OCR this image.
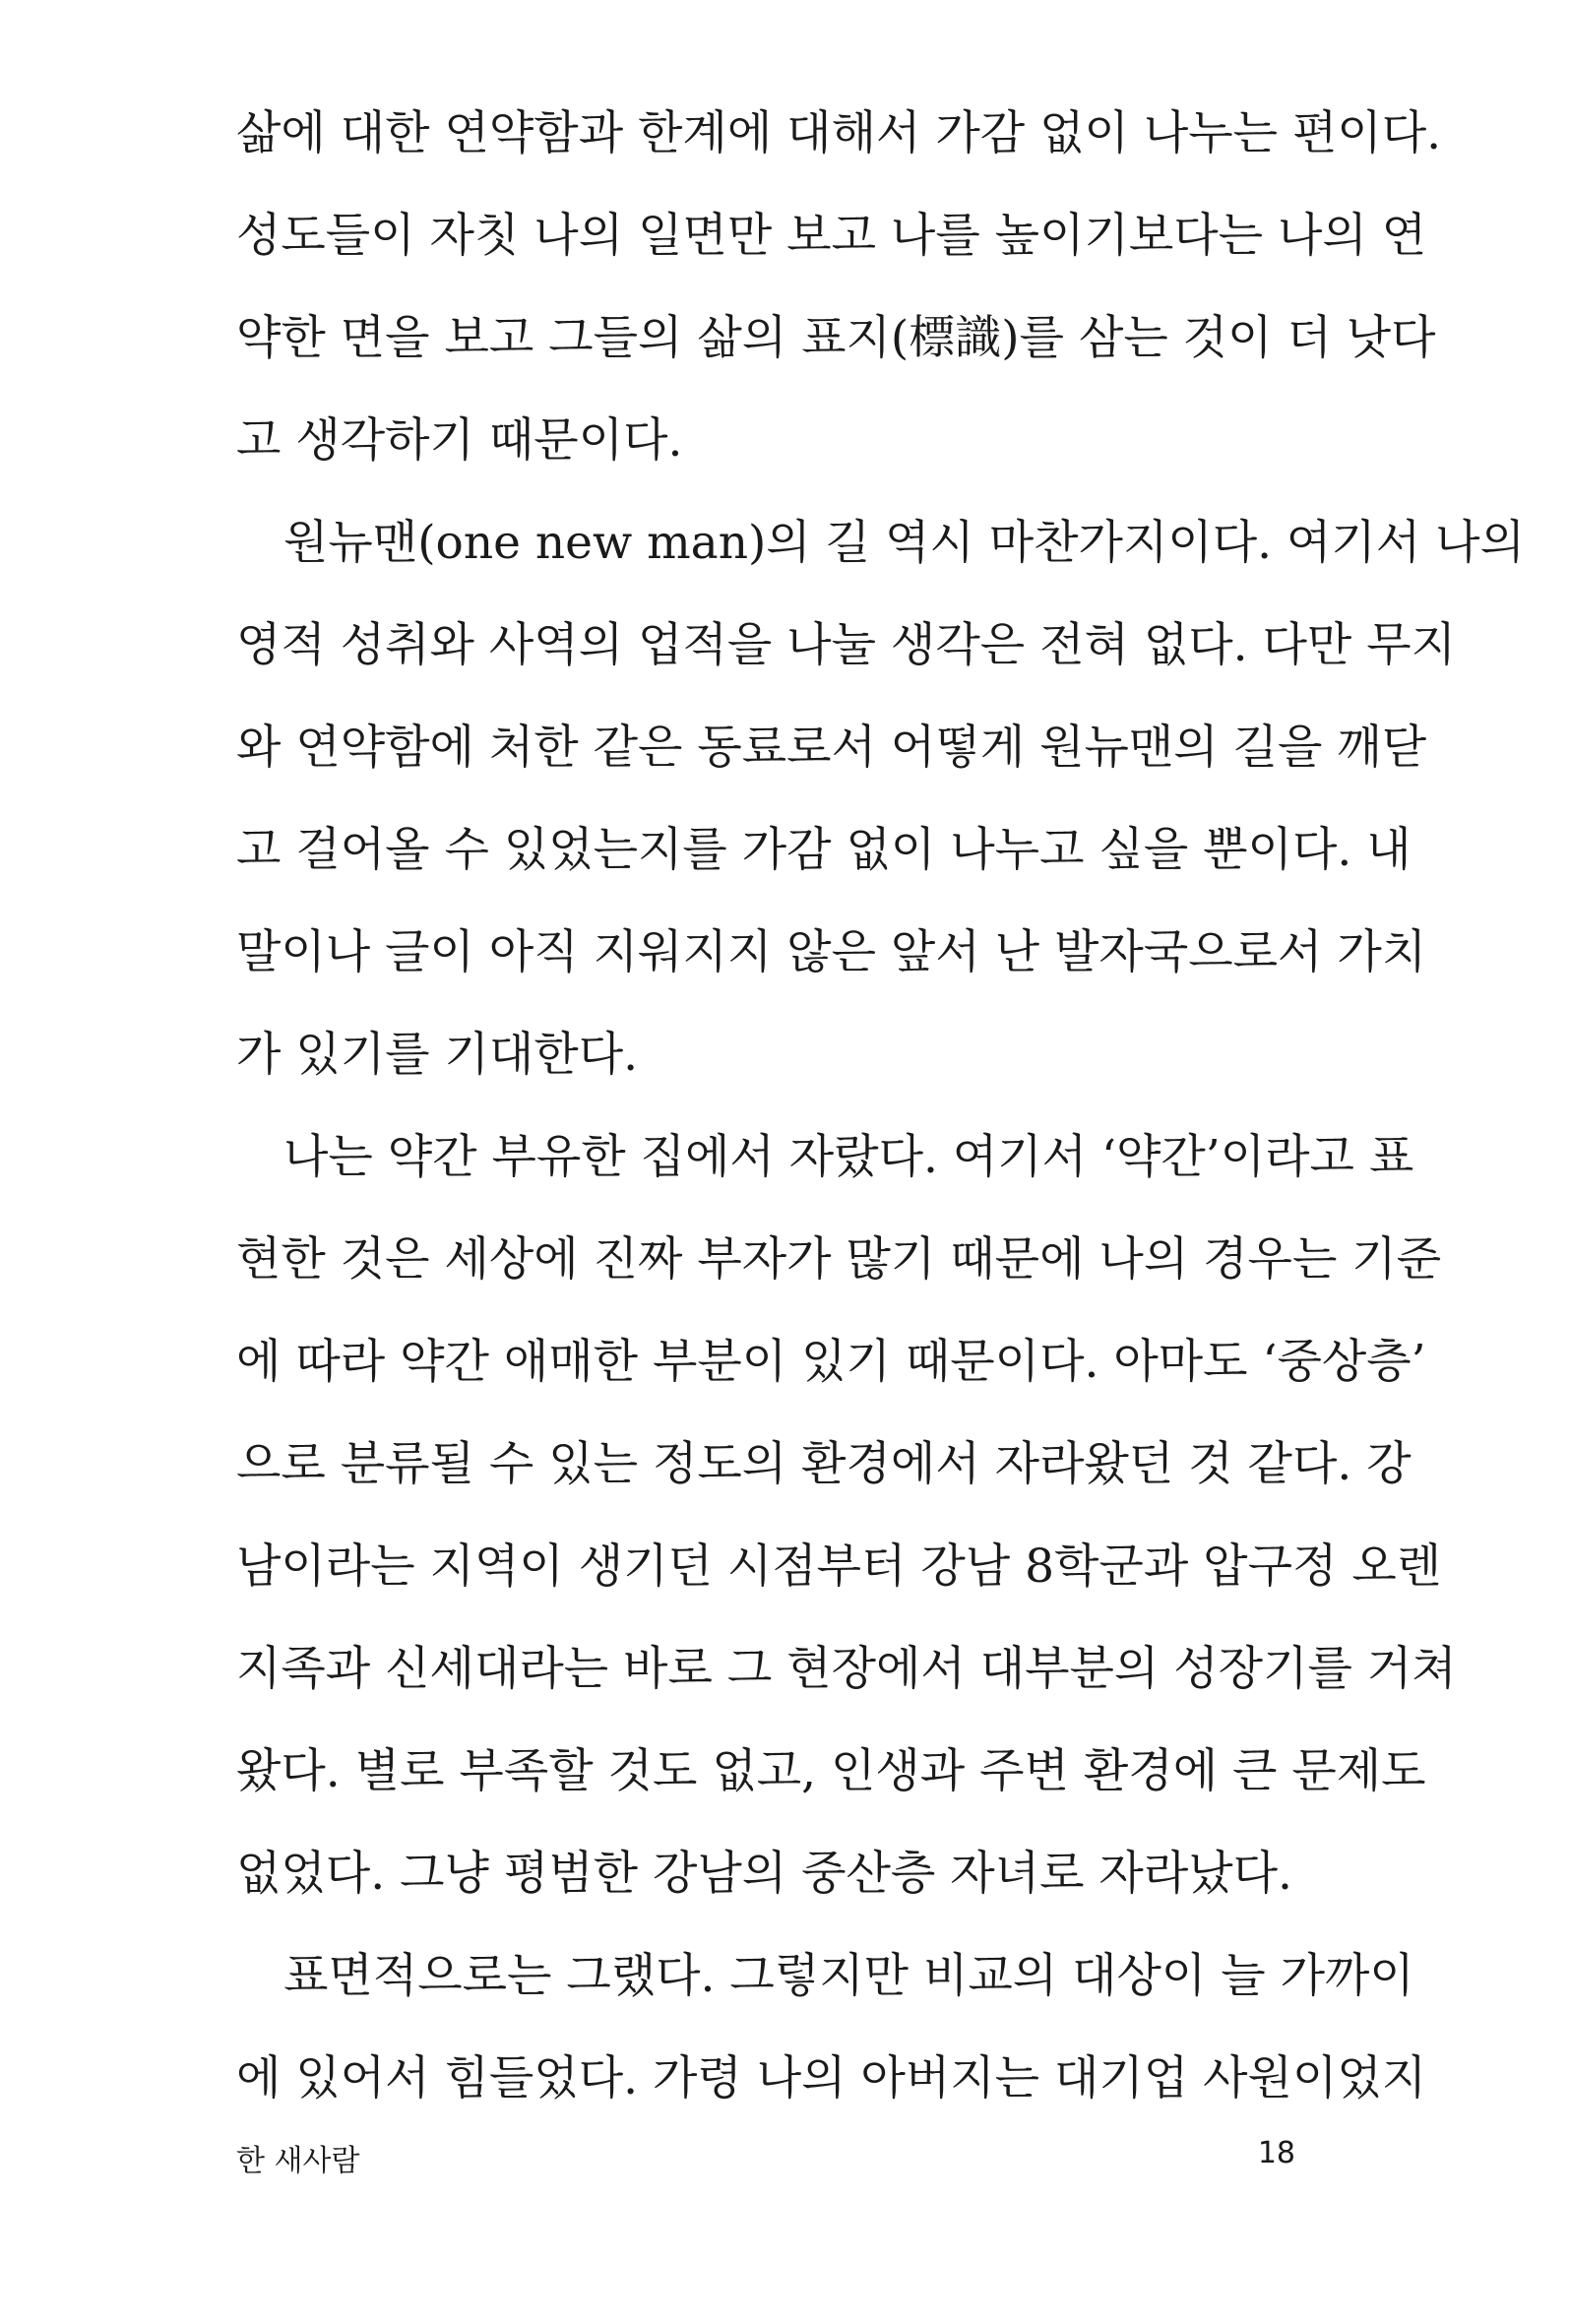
삶에 대한 연약함과 한계에 대해서 가감 없이 나누는 편이다.
성도들이 자칫 나의 일면만 보고 나를 높이기보다는 나의 연
약한 면을 보고 그들의 삶의 표지(標識)를 삼는 것이 더 낫다
고 생각하기 때문이다.
원뉴맨(one new man)의 길 역시 마찬가지이다. 여기서 나의
영적 성취와 사역의 업적을 나눌 생각은 전혀 없다. 다만 무지
와 연약함에 처한 같은 동료로서 어떻게 원뉴맨의 길을 깨닫
고 걸어올 수 있었는지를 가감 없이 나누고 싶을 뿐이다. 내
말이나 글이 아직 지워지지 않은 앞서 난 발자국으로서 가치
가 있기를 기대한다.
나는 약간 부유한 집에서 자랐다. 여기서 ‘약간’이라고 표
현한 것은 세상에 진짜 부자가 많기 때문에 나의 경우는 기준
에 따라 약간 애매한 부분이 있기 때문이다. 아마도 ‘중상층’
으로 분류될 수 있는 정도의 환경에서 자라왔던 것 같다. 강
남이라는 지역이 생기던 시점부터 강남 8학군과 압구정 오렌
지족과 신세대라는 바로 그 현장에서 대부분의 성장기를 거쳐
왔다. 별로 부족할 것도 없고, 인생과 주변 환경에 큰 문제도
없었다. 그냥 평범한 강남의 중산층 자녀로 자라났다.
표면적으로는 그랬다. 그렇지만 비교의 대상이 늘 가까이
에 있어서 힘들었다. 가령 나의 아버지는 대기업 사원이었지
한 새사람	18
